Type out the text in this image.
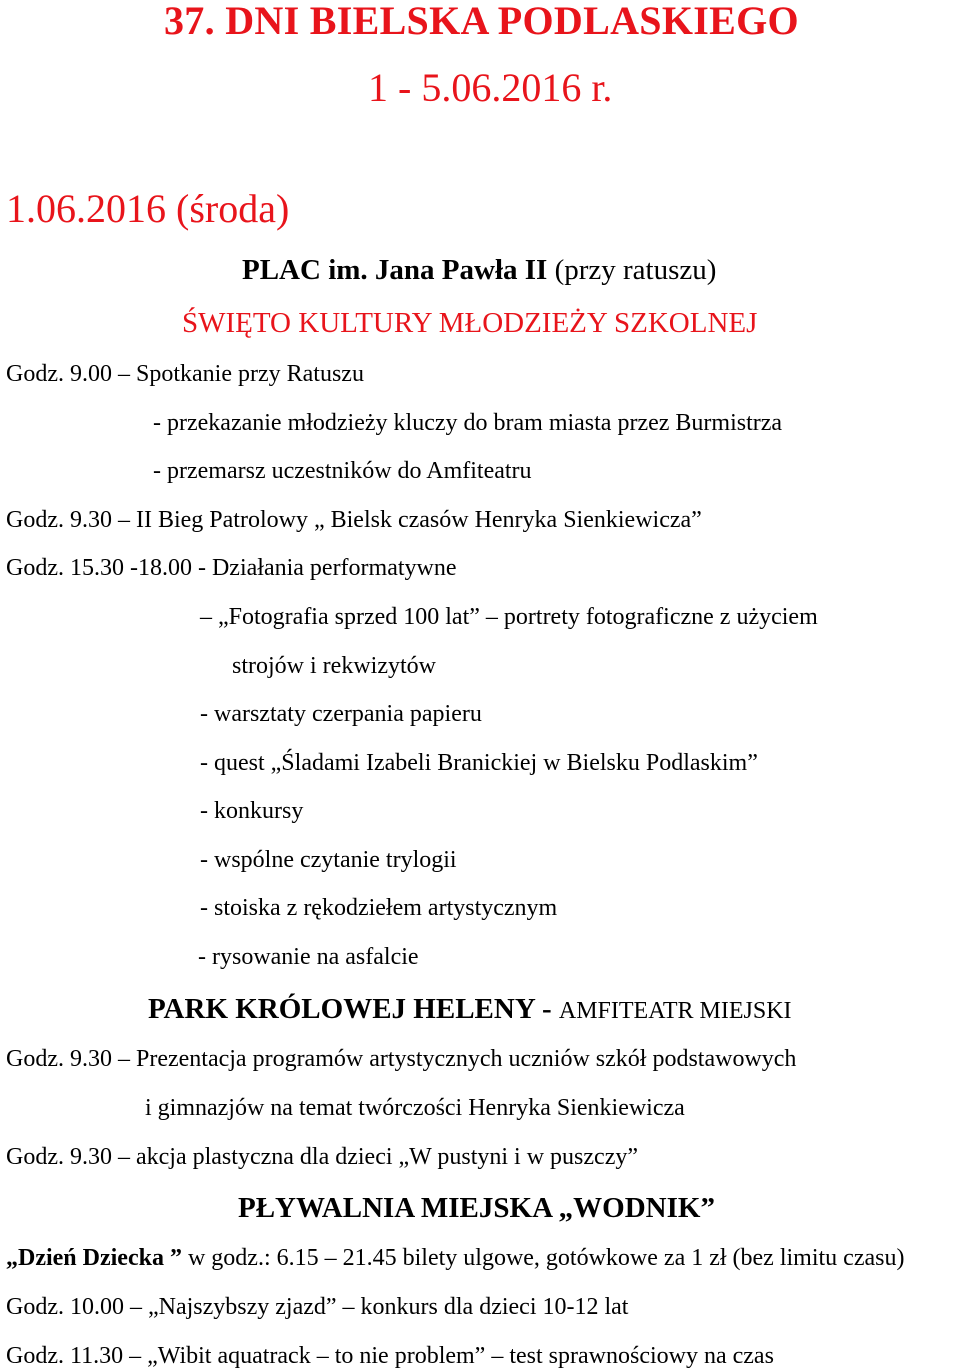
37. DNI BIELSKA PODLASKIEGO
1 - 5.06.2016 r.
1.06.2016 (środa)
PLAC im. Jana Pawła II (przy ratuszu)
ŚWIĘTO KULTURY MŁODZIEŻY SZKOLNEJ
Godz. 9.00 – Spotkanie przy Ratuszu
- przekazanie młodzieży kluczy do bram miasta przez Burmistrza
- przemarsz uczestników do Amfiteatru
Godz. 9.30 – II Bieg Patrolowy „ Bielsk czasów Henryka Sienkiewicza”
Godz. 15.30 -18.00 - Działania performatywne
– „Fotografia sprzed 100 lat” – portrety fotograficzne z użyciem
strojów i rekwizytów
- warsztaty czerpania papieru
- quest „Śladami Izabeli Branickiej w Bielsku Podlaskim”
- konkursy
- wspólne czytanie trylogii
- stoiska z rękodziełem artystycznym
- rysowanie na asfalcie
PARK KRÓLOWEJ HELENY - AMFITEATR MIEJSKI
Godz. 9.30 – Prezentacja programów artystycznych uczniów szkół podstawowych
i gimnazjów na temat twórczości Henryka Sienkiewicza
Godz. 9.30 – akcja plastyczna dla dzieci „W pustyni i w puszczy”
PŁYWALNIA MIEJSKA „WODNIK”
„Dzień Dziecka ” w godz.: 6.15 – 21.45 bilety ulgowe, gotówkowe za 1 zł (bez limitu czasu)
Godz. 10.00 – „Najszybszy zjazd” – konkurs dla dzieci 10-12 lat
Godz. 11.30 – „Wibit aquatrack – to nie problem” – test sprawnościowy na czas
